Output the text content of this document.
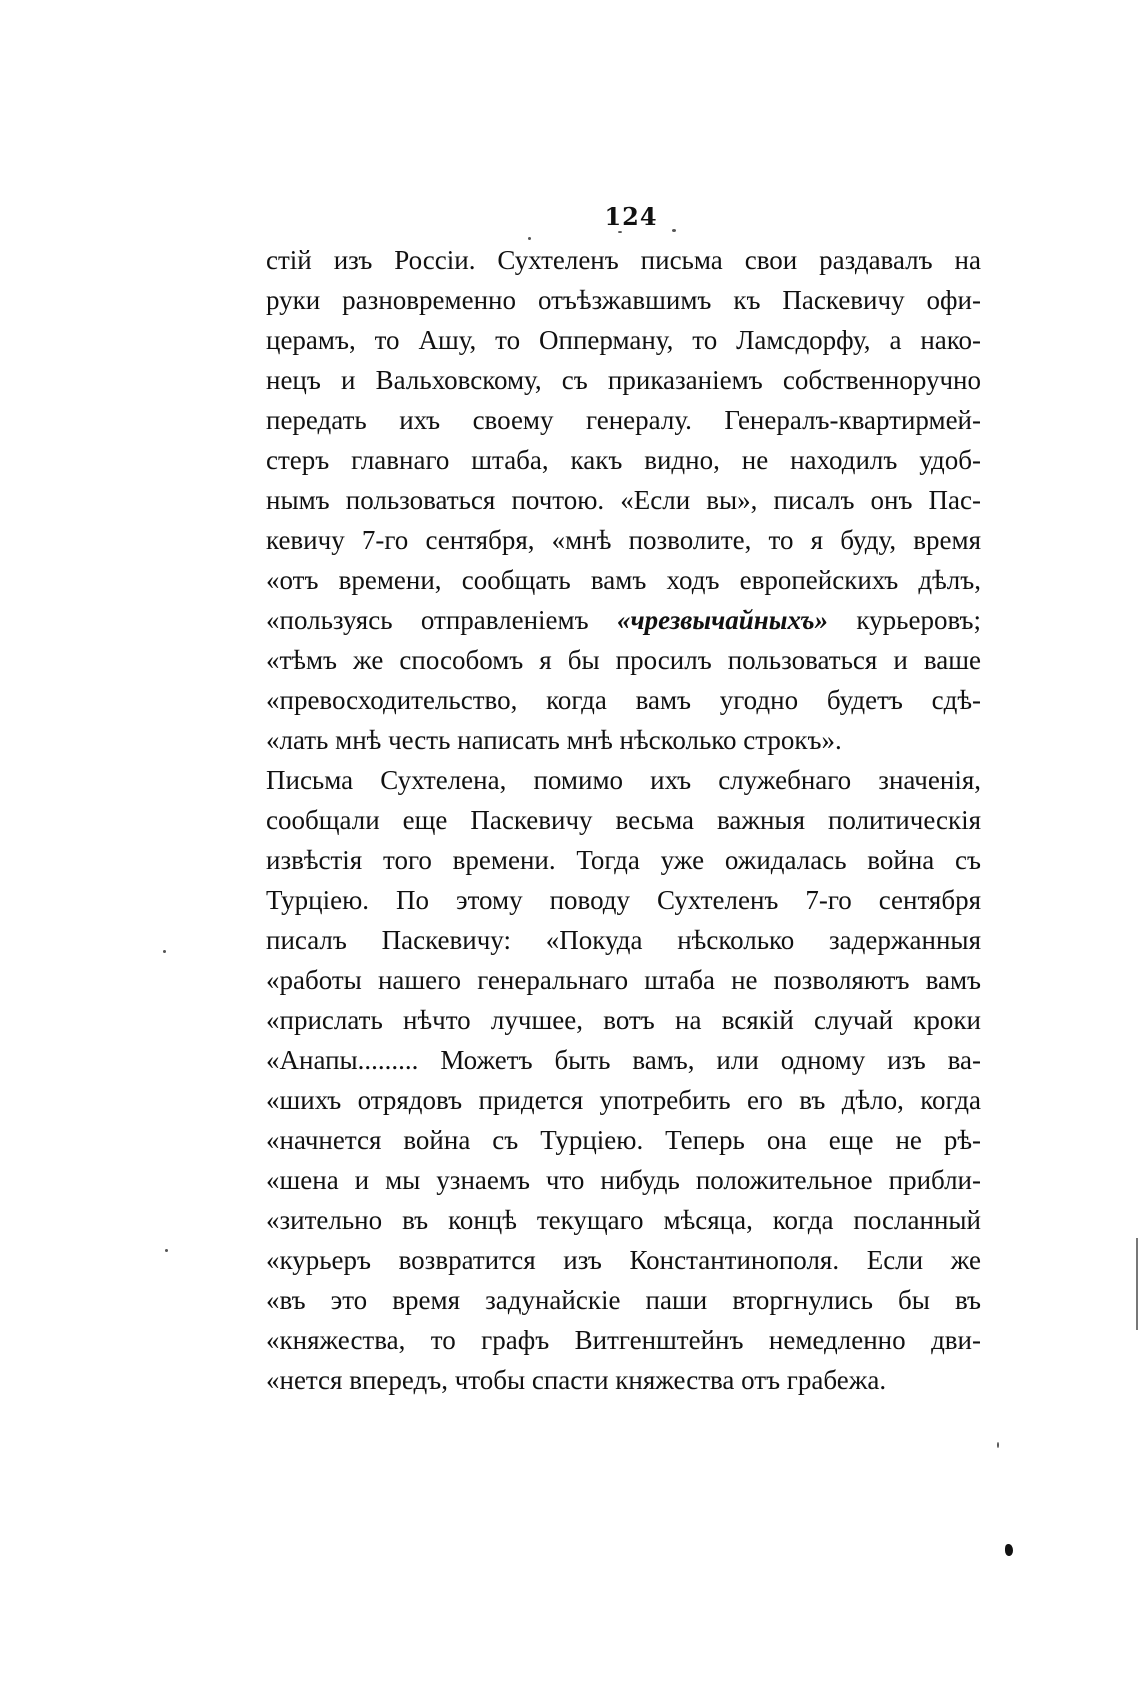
124
стій изъ Россіи. Сухтеленъ письма свои раздавалъ на
руки разновременно отъѣзжавшимъ къ Паскевичу офи-
церамъ, то Ашу, то Опперману, то Ламсдорфу, а нако-
нецъ и Вальховскому, съ приказаніемъ собственноручно
передать ихъ своему генералу. Генералъ-квартирмей-
стеръ главнаго штаба, какъ видно, не находилъ удоб-
нымъ пользоваться почтою. «Если вы», писалъ онъ Пас-
кевичу 7-го сентября, «мнѣ позволите, то я буду, время
«отъ времени, сообщать вамъ ходъ европейскихъ дѣлъ,
«пользуясь отправленіемъ «чрезвычайныхъ» курьеровъ;
«тѣмъ же способомъ я бы просилъ пользоваться и ваше
«превосходительство, когда вамъ угодно будетъ сдѣ-
«лать мнѣ честь написать мнѣ нѣсколько строкъ».
Письма Сухтелена, помимо ихъ служебнаго значенія,
сообщали еще Паскевичу весьма важныя политическія
извѣстія того времени. Тогда уже ожидалась война съ
Турціею. По этому поводу Сухтеленъ 7-го сентября
писалъ Паскевичу: «Покуда нѣсколько задержанныя
«работы нашего генеральнаго штаба не позволяютъ вамъ
«прислать нѣчто лучшее, вотъ на всякій случай кроки
«Анапы......... Можетъ быть вамъ, или одному изъ ва-
«шихъ отрядовъ придется употребить его въ дѣло, когда
«начнется война съ Турціею. Теперь она еще не рѣ-
«шена и мы узнаемъ что нибудь положительное прибли-
«зительно въ концѣ текущаго мѣсяца, когда посланный
«курьеръ возвратится изъ Константинополя. Если же
«въ это время задунайскіе паши вторгнулись бы въ
«княжества, то графъ Витгенштейнъ немедленно дви-
«нется впередъ, чтобы спасти княжества отъ грабежа.
